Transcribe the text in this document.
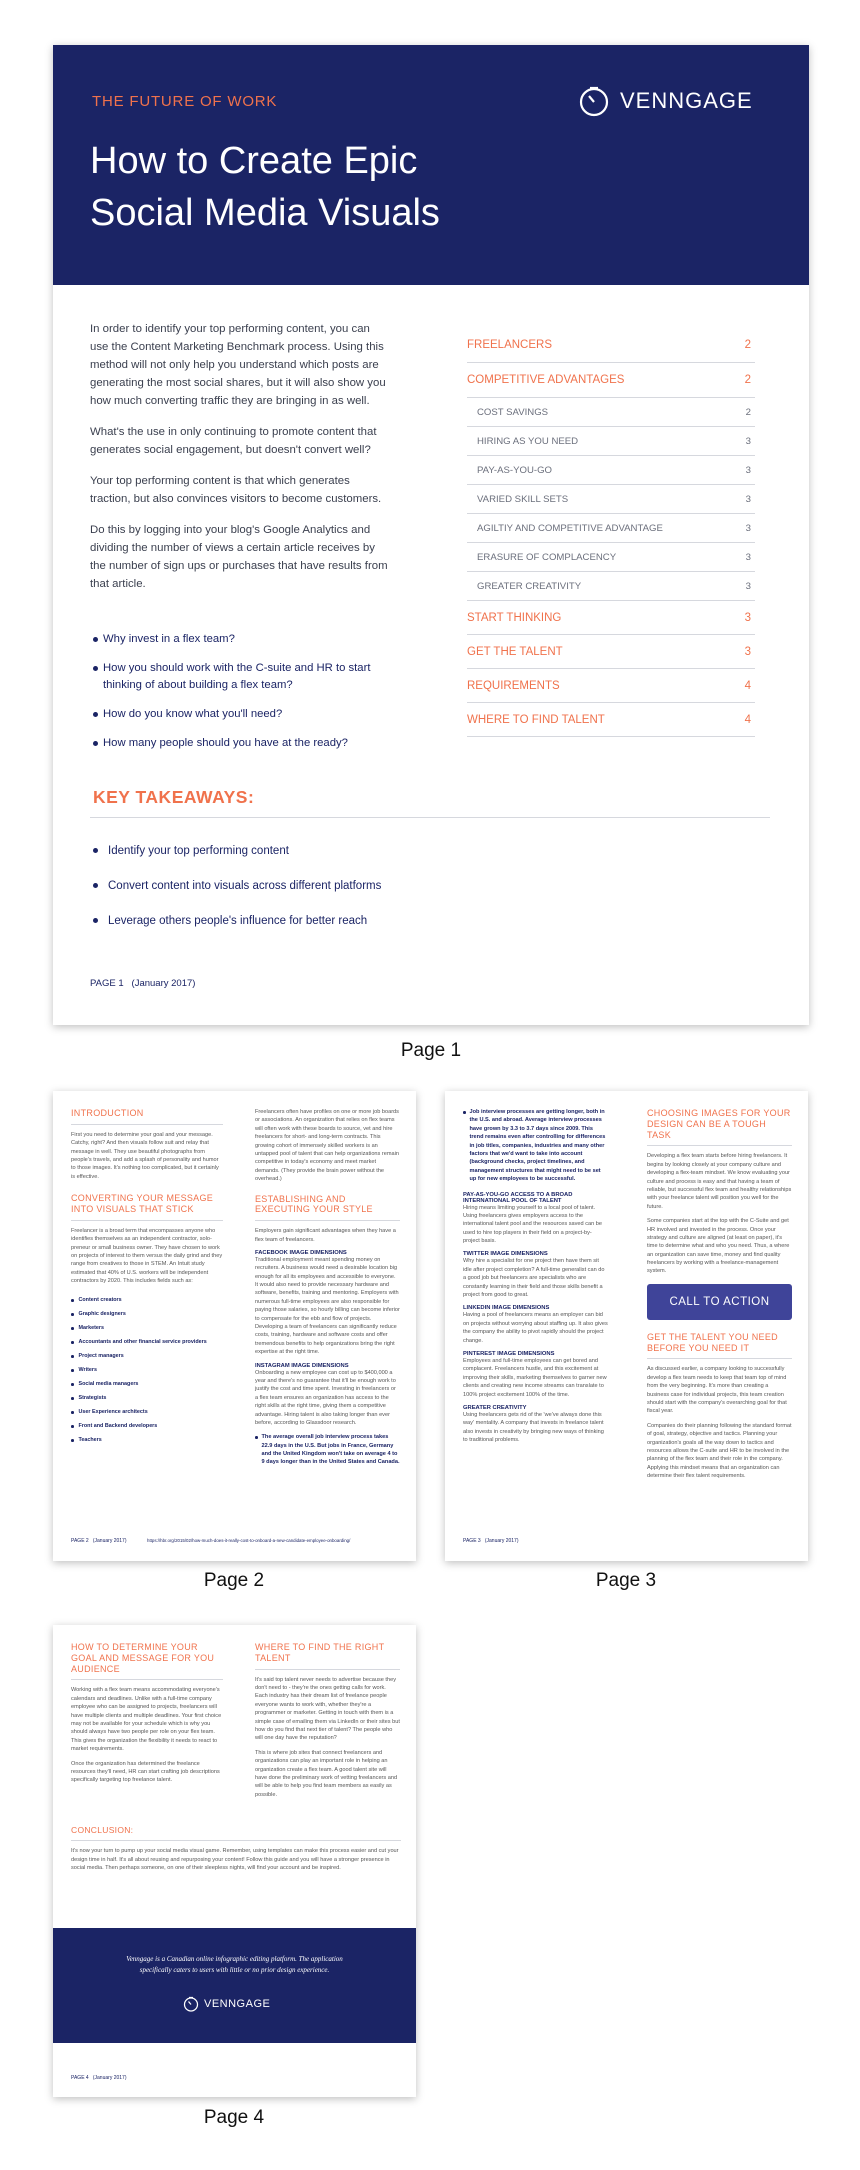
THE FUTURE OF WORK
How to Create Epic
Social Media Visuals
VENNGAGE

In order to identify your top performing content, you can use the Content Marketing Benchmark process. Using this method will not only help you understand which posts are generating the most social shares, but it will also show you how much converting traffic they are bringing in as well.

What's the use in only continuing to promote content that generates social engagement, but doesn't convert well?

Your top performing content is that which generates traction, but also convinces visitors to become customers.

Do this by logging into your blog's Google Analytics and dividing the number of views a certain article receives by the number of sign ups or purchases that have results from that article.

Why invest in a flex team?
How you should work with the C-suite and HR to start thinking of about building a flex team?
How do you know what you'll need?
How many people should you have at the ready?
FREELANCERS	2
COMPETITIVE ADVANTAGES	2
COST SAVINGS	2
HIRING AS YOU NEED	3
PAY-AS-YOU-GO	3
VARIED SKILL SETS	3
AGILTIY AND COMPETITIVE ADVANTAGE	3
ERASURE OF COMPLACENCY	3
GREATER CREATIVITY	3
START THINKING	3
GET THE TALENT	3
REQUIREMENTS	4
WHERE TO FIND TALENT	4
KEY TAKEAWAYS:
Identify your top performing content
Convert content into visuals across different platforms
Leverage others people's influence for better reach
PAGE 1   (January 2017)
Page 1
INTRODUCTION

First you need to determine your goal and your message. Catchy, right? And then visuals follow suit and relay that message in well. They use beautiful photographs from people's travels, and add a splash of personality and humor to those images. It's nothing too complicated, but it certainly is effective.

CONVERTING YOUR MESSAGE INTO VISUALS THAT STICK

Freelancer is a broad term that encompasses anyone who identifies themselves as an independent contractor, solo-preneur or small business owner. They have chosen to work on projects of interest to them versus the daily grind and they range from creatives to those in STEM. An Intuit study estimated that 40% of U.S. workers will be independent contractors by 2020. This includes fields such as:

Content creators
Graphic designers
Marketers
Accountants and other financial service providers
Project managers
Writers
Social media managers
Strategists
User Experience architects
Front and Backend developers
Teachers

Freelancers often have profiles on one or more job boards or associations. An organization that relies on flex teams will often work with these boards to source, vet and hire freelancers for short- and long-term contracts. This growing cohort of immensely skilled workers is an untapped pool of talent that can help organizations remain competitive in today's economy and meet market demands. (They provide the brain power without the overhead.)

ESTABLISHING AND EXECUTING YOUR STYLE

Employers gain significant advantages when they have a flex team of freelancers.

FACEBOOK IMAGE DIMENSIONS

Traditional employment meant spending money on recruiters. A business would need a desirable location big enough for all its employees and accessible to everyone. It would also need to provide necessary hardware and software, benefits, training and mentoring. Employers with numerous full-time employees are also responsible for paying those salaries, so hourly billing can become inferior to compensate for the ebb and flow of projects. Developing a team of freelancers can significantly reduce costs, training, hardware and software costs and offer tremendous benefits to help organizations bring the right expertise at the right time.

INSTAGRAM IMAGE DIMENSIONS

Onboarding a new employee can cost up to $400,000 a year and there's no guarantee that it'll be enough work to justify the cost and time spent. Investing in freelancers or a flex team ensures an organization has access to the right skills at the right time, giving them a competitive advantage. Hiring talent is also taking longer than ever before, according to Glassdoor research.

The average overall job interview process takes 22.9 days in the U.S. But jobs in France, Germany and the United Kingdom won't take on average 4 to 9 days longer than in the United States and Canada.
PAGE 2   (January 2017)	https://hbr.org/2015/02/how-much-does-it-really-cost-to-onboard-a-new-candidate-employee-onboarding/
Page 2
Job interview processes are getting longer, both in the U.S. and abroad. Average interview processes have grown by 3.3 to 3.7 days since 2009. This trend remains even after controlling for differences in job titles, companies, industries and many other factors that we'd want to take into account (background checks, project timelines, and management structures that might need to be set up for new employees to be successful.
PAY-AS-YOU-GO ACCESS TO A BROAD INTERNATIONAL POOL OF TALENT

Hiring means limiting yourself to a local pool of talent. Using freelancers gives employers access to the international talent pool and the resources saved can be used to hire top players in their field on a project-by-project basis.

TWITTER IMAGE DIMENSIONS

Why hire a specialist for one project then have them sit idle after project completion? A full-time generalist can do a good job but freelancers are specialists who are constantly learning in their field and those skills benefit a project from good to great.

LINKEDIN IMAGE DIMENSIONS

Having a pool of freelancers means an employer can bid on projects without worrying about staffing up. It also gives the company the ability to pivot rapidly should the project change.

PINTEREST IMAGE DIMENSIONS

Employees and full-time employees can get bored and complacent. Freelancers hustle, and this excitement at improving their skills, marketing themselves to garner new clients and creating new income streams can translate to 100% project excitement 100% of the time.

GREATER CREATIVITY

Using freelancers gets rid of the 'we've always done this way' mentality. A company that invests in freelance talent also invests in creativity by bringing new ways of thinking to traditional problems.

CHOOSING IMAGES FOR YOUR DESIGN CAN BE A TOUGH TASK

Developing a flex team starts before hiring freelancers. It begins by looking closely at your company culture and developing a flex-team mindset. We know evaluating your culture and process is easy and that having a team of reliable, but successful flex team and healthy relationships with your freelance talent will position you well for the future.

Some companies start at the top with the C-Suite and get HR involved and invested in the process. Once your strategy and culture are aligned (at least on paper), it's time to determine what and who you need. Thus, a where an organization can save time, money and find quality freelancers by working with a freelance-management system.

CALL TO ACTION
GET THE TALENT YOU NEED BEFORE YOU NEED IT

As discussed earlier, a company looking to successfully develop a flex team needs to keep that team top of mind from the very beginning. It's more than creating a business case for individual projects, this team creation should start with the company's overarching goal for that fiscal year.

Companies do their planning following the standard format of goal, strategy, objective and tactics. Planning your organization's goals all the way down to tactics and resources allows the C-suite and HR to be involved in the planning of the flex team and their role in the company. Applying this mindset means that an organization can determine their flex talent requirements.

PAGE 3   (January 2017)
Page 3
HOW TO DETERMINE YOUR GOAL AND MESSAGE FOR YOU AUDIENCE

Working with a flex team means accommodating everyone's calendars and deadlines. Unlike with a full-time company employee who can be assigned to projects, freelancers will have multiple clients and multiple deadlines. Your first choice may not be available for your schedule which is why you should always have two people per role on your flex team. This gives the organization the flexibility it needs to react to market requirements.

Once the organization has determined the freelance resources they'll need, HR can start crafting job descriptions specifically targeting top freelance talent.

WHERE TO FIND THE RIGHT TALENT

It's said top talent never needs to advertise because they don't need to - they're the ones getting calls for work. Each industry has their dream list of freelance people everyone wants to work with, whether they're a programmer or marketer. Getting in touch with them is a simple case of emailing them via LinkedIn or their sites but how do you find that next tier of talent? The people who will one day have the reputation?

This is where job sites that connect freelancers and organizations can play an important role in helping an organization create a flex team. A good talent site will have done the preliminary work of vetting freelancers and will be able to help you find team members as easily as possible.

CONCLUSION:

It's now your turn to pump up your social media visual game. Remember, using templates can make this process easier and cut your design time in half. It's all about reusing and repurposing your content! Follow this guide and you will have a stronger presence in social media. Then perhaps someone, on one of their sleepless nights, will find your account and be inspired.

Venngage is a Canadian online infographic editing platform. The application specifically caters to users with little or no prior design experience.

VENNGAGE
PAGE 4   (January 2017)
Page 4
